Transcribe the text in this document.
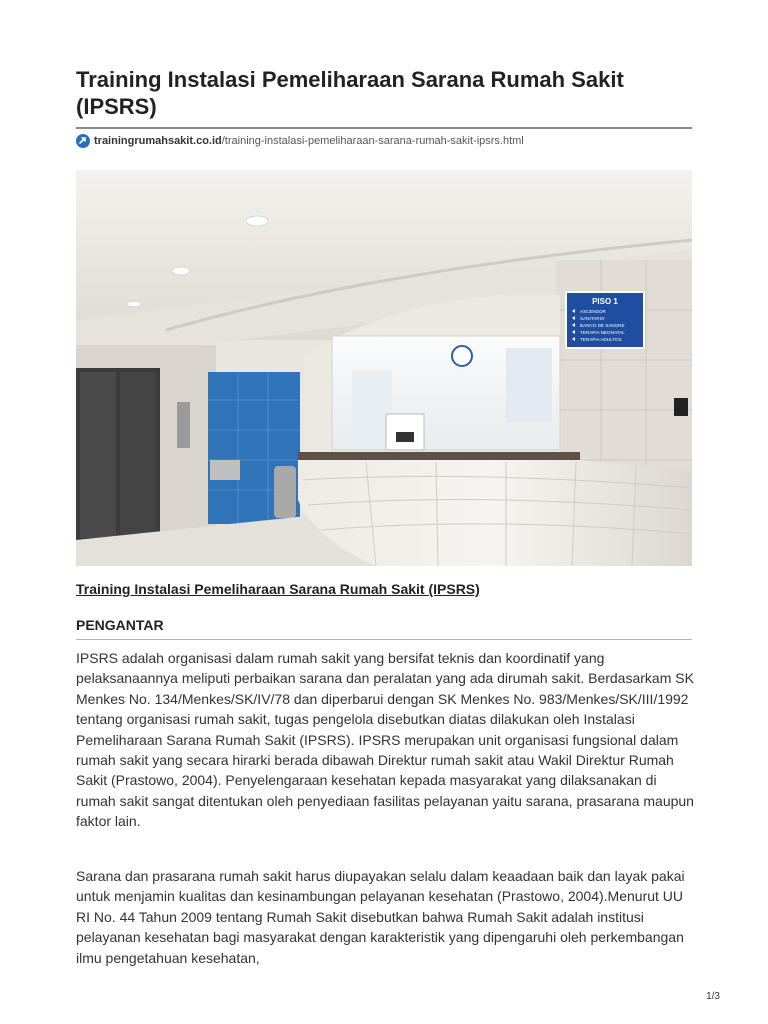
Training Instalasi Pemeliharaan Sarana Rumah Sakit (IPSRS)
trainingrumahsakit.co.id /training-instalasi-pemeliharaan-sarana-rumah-sakit-ipsrs.html
PISO 1
ASCENSOR
SANITARIO
BANCO DE SANGRE
TERAPIA NEONATAL
TERAPIA ADULTOS
Training Instalasi Pemeliharaan Sarana Rumah Sakit (IPSRS)
PENGANTAR

IPSRS adalah organisasi dalam rumah sakit yang bersifat teknis dan koordinatif yang pelaksanaannya meliputi perbaikan sarana dan peralatan yang ada dirumah sakit. Berdasarkam SK Menkes No. 134/Menkes/SK/IV/78 dan diperbarui dengan SK Menkes No. 983/Menkes/SK/III/1992 tentang organisasi rumah sakit, tugas pengelola disebutkan diatas dilakukan oleh Instalasi Pemeliharaan Sarana Rumah Sakit (IPSRS). IPSRS merupakan unit organisasi fungsional dalam rumah sakit yang secara hirarki berada dibawah Direktur rumah sakit atau Wakil Direktur Rumah Sakit (Prastowo, 2004). Penyelengaraan kesehatan kepada masyarakat yang dilaksanakan di rumah sakit sangat ditentukan oleh penyediaan fasilitas pelayanan yaitu sarana, prasarana maupun faktor lain.

Sarana dan prasarana rumah sakit harus diupayakan selalu dalam keaadaan baik dan layak pakai untuk menjamin kualitas dan kesinambungan pelayanan kesehatan (Prastowo, 2004).Menurut UU RI No. 44 Tahun 2009 tentang Rumah Sakit disebutkan bahwa Rumah Sakit adalah institusi pelayanan kesehatan bagi masyarakat dengan karakteristik yang dipengaruhi oleh perkembangan ilmu pengetahuan kesehatan,

1/3
